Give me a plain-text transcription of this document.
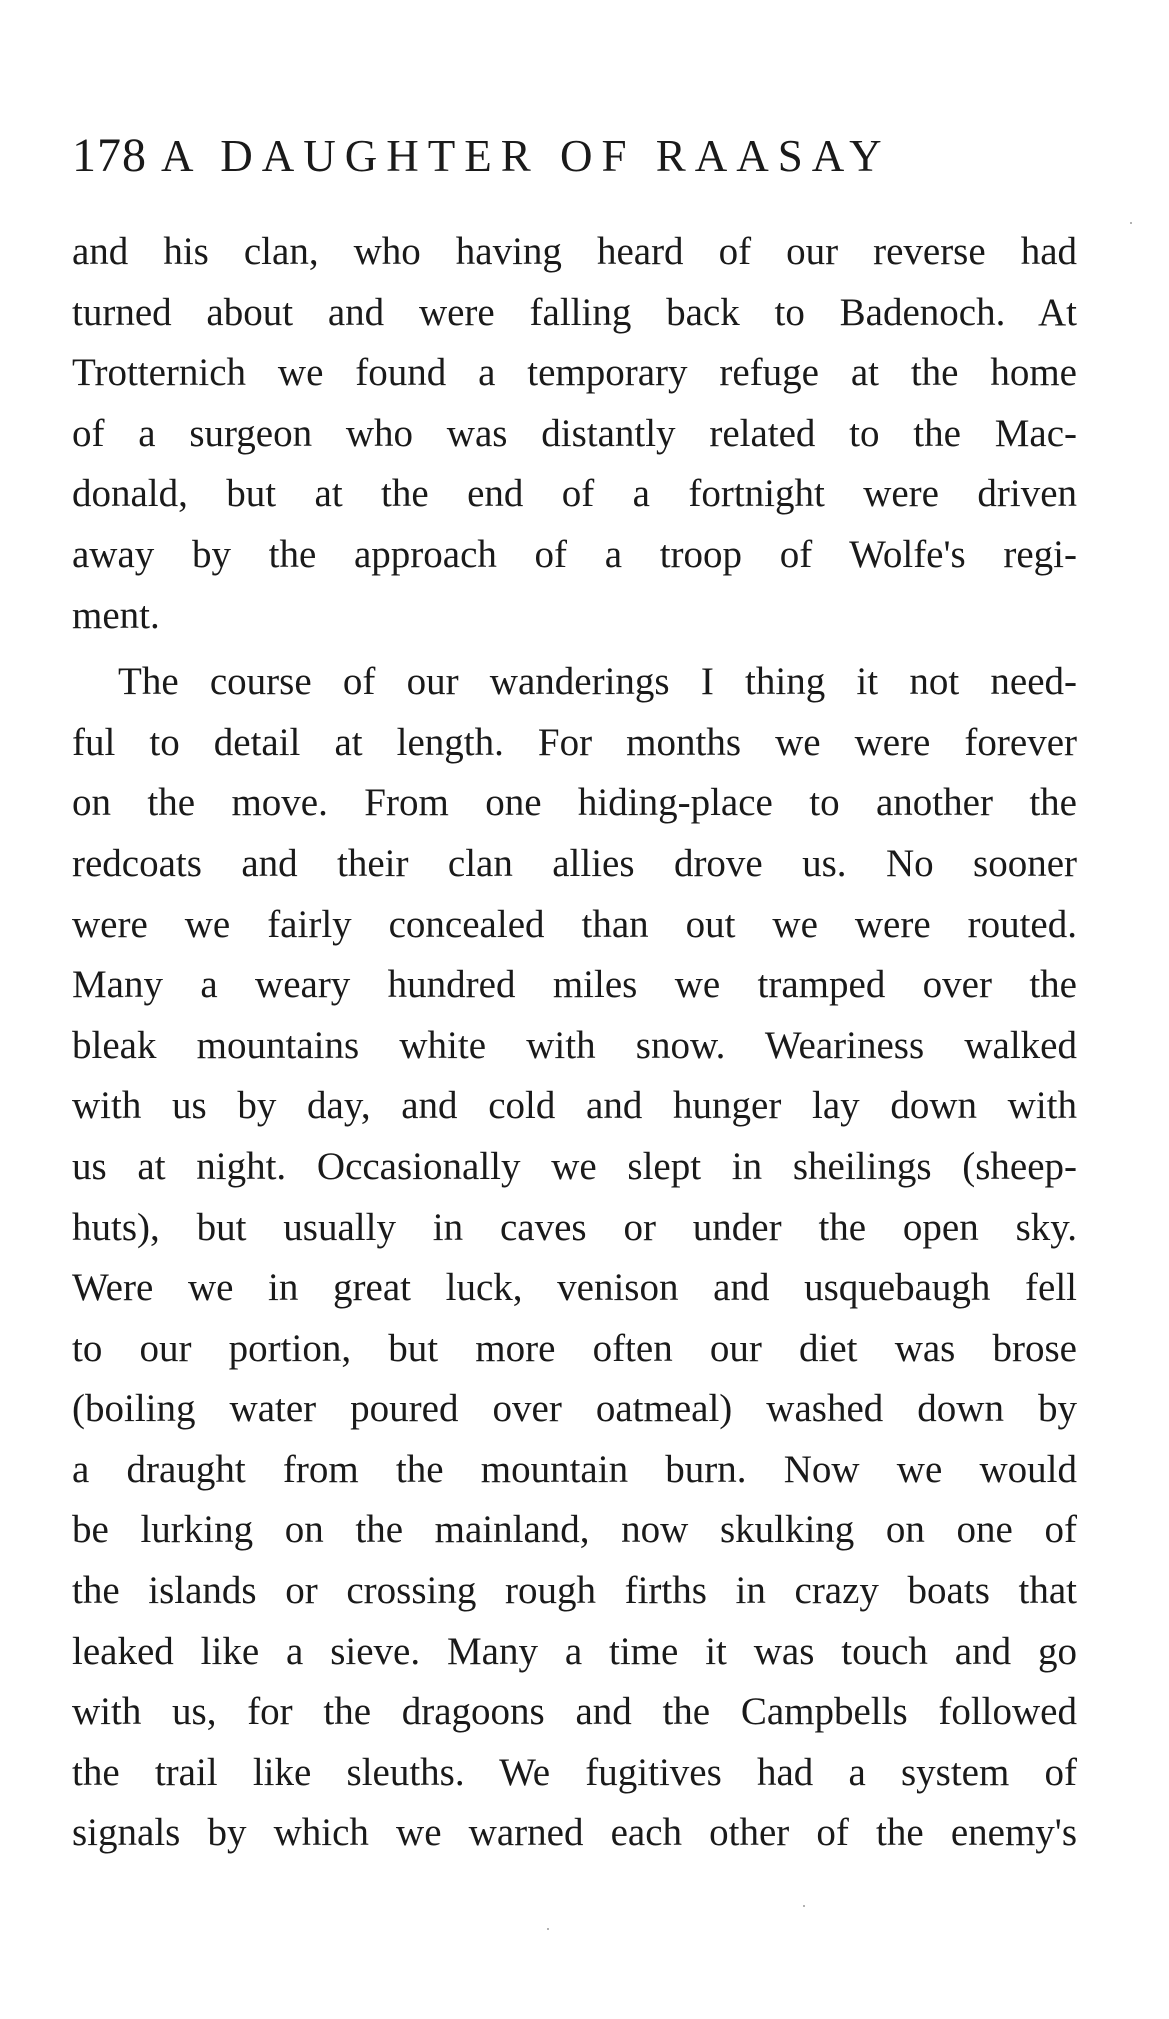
178 A DAUGHTER OF RAASAY
and his clan, who having heard of our reverse had
turned about and were falling back to Badenoch. At
Trotternich we found a temporary refuge at the home
of a surgeon who was distantly related to the Mac-
donald, but at the end of a fortnight were driven
away by the approach of a troop of Wolfe's regi-
ment.
The course of our wanderings I thing it not need-
ful to detail at length. For months we were forever
on the move. From one hiding-place to another the
redcoats and their clan allies drove us. No sooner
were we fairly concealed than out we were routed.
Many a weary hundred miles we tramped over the
bleak mountains white with snow. Weariness walked
with us by day, and cold and hunger lay down with
us at night. Occasionally we slept in sheilings (sheep-
huts), but usually in caves or under the open sky.
Were we in great luck, venison and usquebaugh fell
to our portion, but more often our diet was brose
(boiling water poured over oatmeal) washed down by
a draught from the mountain burn. Now we would
be lurking on the mainland, now skulking on one of
the islands or crossing rough firths in crazy boats that
leaked like a sieve. Many a time it was touch and go
with us, for the dragoons and the Campbells followed
the trail like sleuths. We fugitives had a system of
signals by which we warned each other of the enemy's
